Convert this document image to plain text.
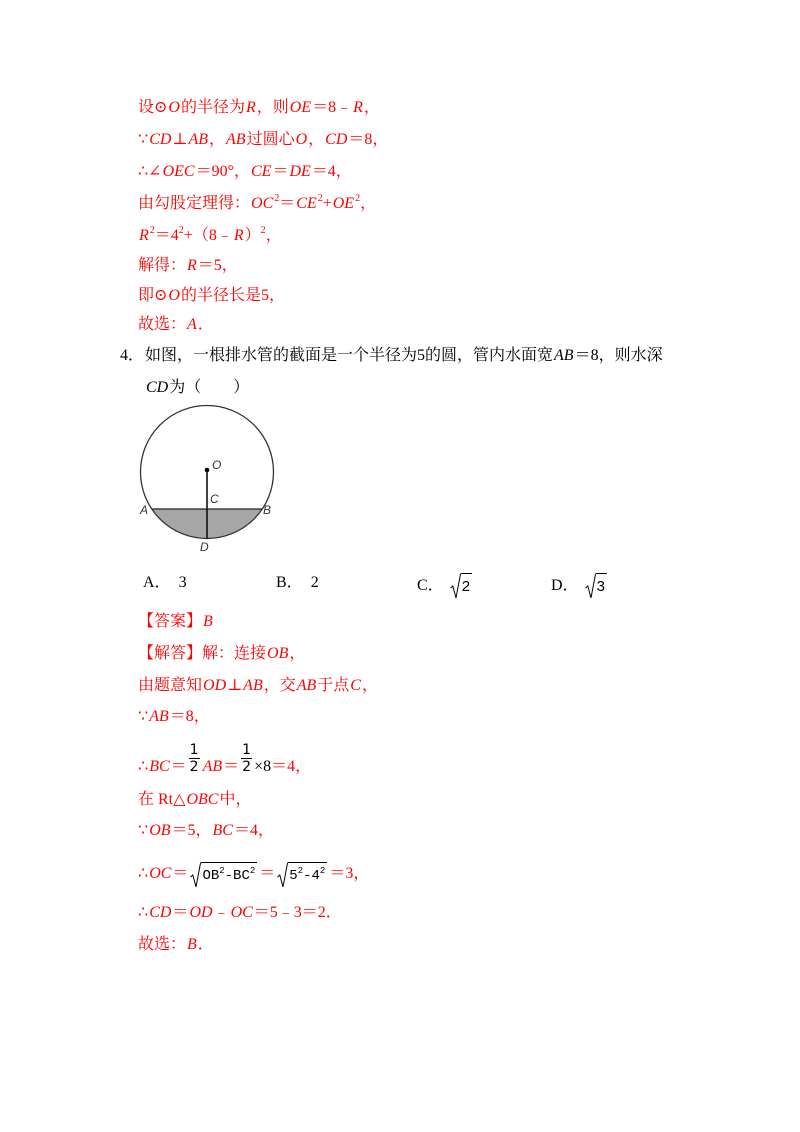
设⊙O的半径为R，则OE＝8﹣R，
∵CD⊥AB，AB过圆心O，CD＝8，
∴∠OEC＝90°，CE＝DE＝4，
由勾股定理得：$OC^2=CE^2+OE^2$，
$R^2=4^2+(8﹣R)^2$，
解得：R＝5，
即⊙O的半径长是5，
故选：A．
4． 如图，一根排水管的截面是一个半径为5的圆，管内水面宽AB＝8，则水深
CD为（　　）
O
C
A	B
D
A． 3	B． 2	C． 2	D． 3
【答案】B
【解答】解：连接OB，
由题意知OD⊥AB，交AB于点C，
∵AB＝8，
∴BC＝ $\frac{1}{2} AB= \frac{1}{2} \times 8=4$，
在 Rt△OBC中，
∵OB＝5，BC＝4，
∴OC＝ $OB^2-BC^2 = 5^2-4^2 =3$，
∴CD＝OD﹣OC＝5﹣3＝2．
故选：B．
